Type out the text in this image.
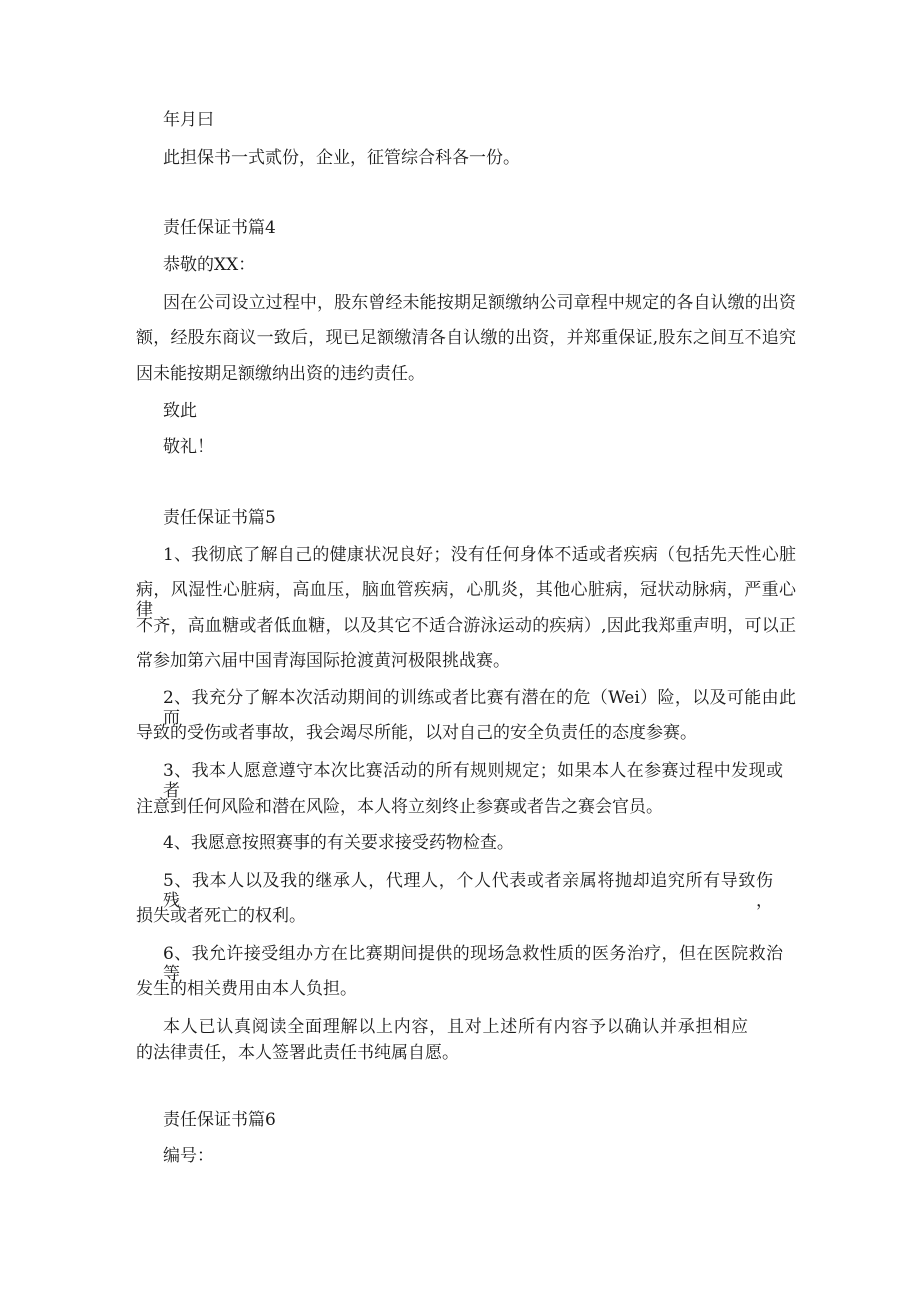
年月曰
此担保书一式贰份，企业，征管综合科各一份。
责任保证书篇4
恭敬的XX：
因在公司设立过程中，股东曾经未能按期足额缴纳公司章程中规定的各自认缴的出资
额，经股东商议一致后，现已足额缴清各自认缴的出资，并郑重保证,股东之间互不追究
因未能按期足额缴纳出资的违约责任。
致此
敬礼！
责任保证书篇5
1、我彻底了解自己的健康状况良好；没有任何身体不适或者疾病（包括先天性心脏
病，风湿性心脏病，高血压，脑血管疾病，心肌炎，其他心脏病，冠状动脉病，严重心律
不齐，高血糖或者低血糖，以及其它不适合游泳运动的疾病）,因此我郑重声明，可以正
常参加第六届中国青海国际抢渡黄河极限挑战赛。
2、我充分了解本次活动期间的训练或者比赛有潜在的危（Wei）险，以及可能由此而
导致的受伤或者事故，我会竭尽所能，以对自己的安全负责任的态度参赛。
3、我本人愿意遵守本次比赛活动的所有规则规定；如果本人在参赛过程中发现或者
注意到任何风险和潜在风险，本人将立刻终止参赛或者告之赛会官员。
4、我愿意按照赛事的有关要求接受药物检查。
5、我本人以及我的继承人，代理人，个人代表或者亲属将抛却追究所有导致伤残，
损失或者死亡的权利。
6、我允许接受组办方在比赛期间提供的现场急救性质的医务治疗，但在医院救治等
发生的相关费用由本人负担。
本人已认真阅读全面理解以上内容，且对上述所有内容予以确认并承担相应
的法律责任，本人签署此责任书纯属自愿。
责任保证书篇6
编号：
